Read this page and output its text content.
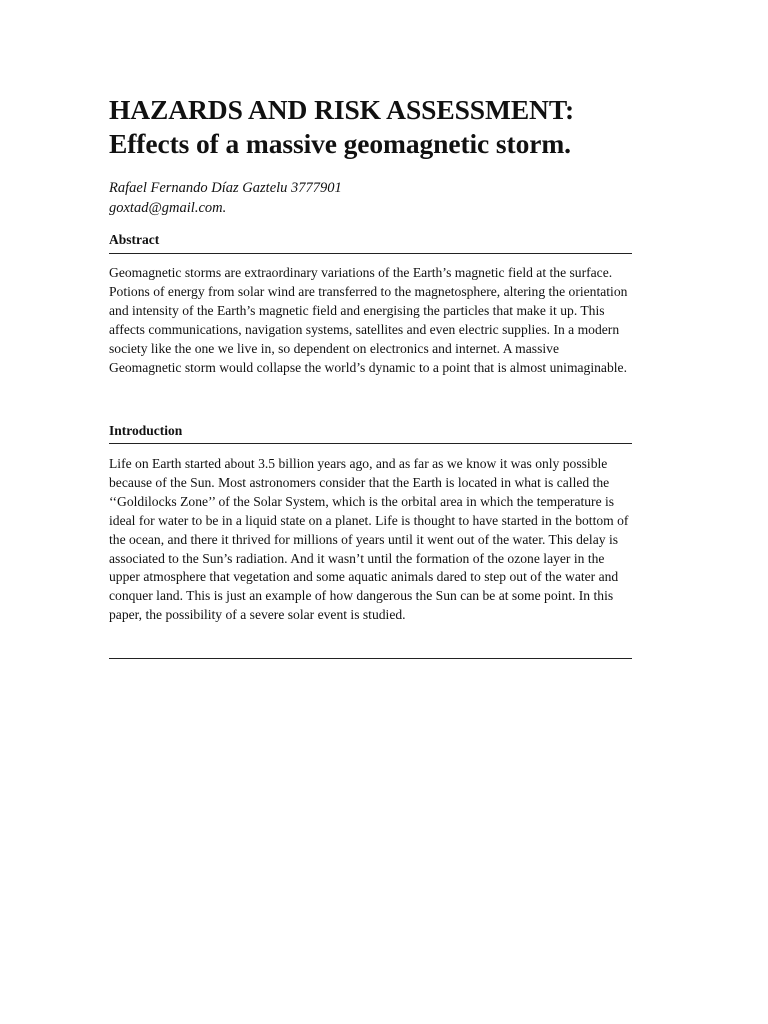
HAZARDS AND RISK ASSESSMENT:
Effects of a massive geomagnetic storm.
Rafael Fernando Díaz Gaztelu 3777901
goxtad@gmail.com.
Abstract
Geomagnetic storms are extraordinary variations of the Earth’s magnetic field at the surface.
Potions of energy from solar wind are transferred to the magnetosphere, altering the orientation
and intensity of the Earth’s magnetic field and energising the particles that make it up. This
affects communications, navigation systems, satellites and even electric supplies. In a modern
society like the one we live in, so dependent on electronics and internet. A massive
Geomagnetic storm would collapse the world’s dynamic to a point that is almost unimaginable.
Introduction
Life on Earth started about 3.5 billion years ago, and as far as we know it was only possible
because of the Sun. Most astronomers consider that the Earth is located in what is called the
‘‘Goldilocks Zone’’ of the Solar System, which is the orbital area in which the temperature is
ideal for water to be in a liquid state on a planet. Life is thought to have started in the bottom of
the ocean, and there it thrived for millions of years until it went out of the water. This delay is
associated to the Sun’s radiation. And it wasn’t until the formation of the ozone layer in the
upper atmosphere that vegetation and some aquatic animals dared to step out of the water and
conquer land. This is just an example of how dangerous the Sun can be at some point. In this
paper, the possibility of a severe solar event is studied.
